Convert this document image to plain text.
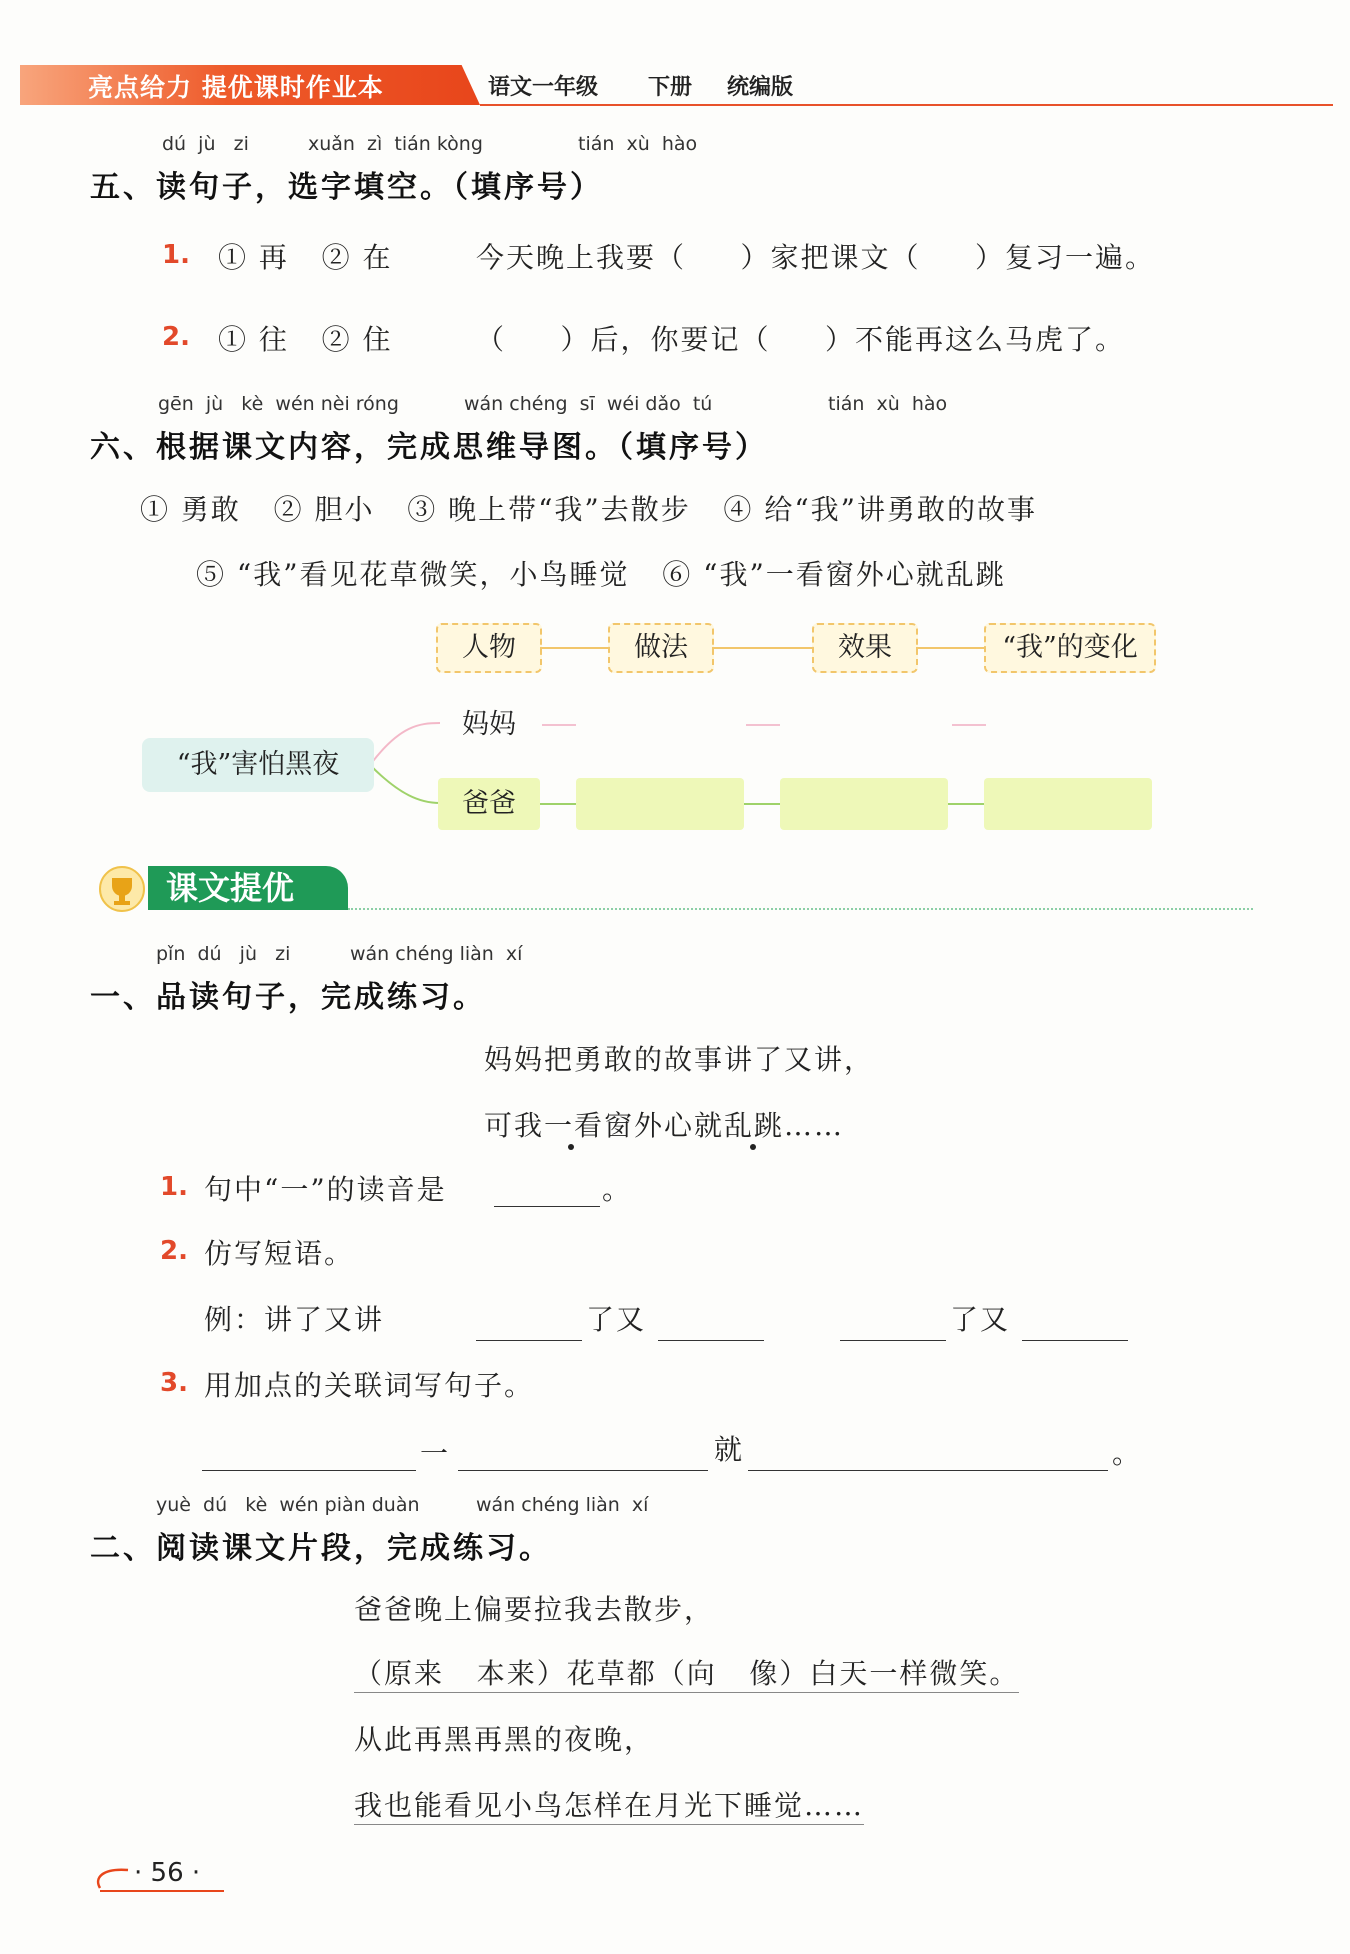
亮点给力 提优课时作业本	语文一年级 下册 统编版
dú  jù   zi	xuǎn  zì  tián kòng	tián  xù  hào
五、读句子，选字填空。（填序号）
1. ① 再   ② 在	今天晚上我要（     ）家把课文（     ）复习一遍。
2. ① 往   ② 住	（     ）后，你要记（     ）不能再这么马虎了。
gēn  jù   kè  wén nèi róng	wán chéng  sī  wéi dǎo  tú	tián  xù  hào
六、根据课文内容，完成思维导图。（填序号）
① 勇敢   ② 胆小   ③ 晚上带“我”去散步   ④ 给“我”讲勇敢的故事
⑤ “我”看见花草微笑，小鸟睡觉   ⑥ “我”一看窗外心就乱跳
人物	做法	效果	“我”的变化
“我”害怕黑夜
妈妈
爸爸
课文提优
pǐn  dú   jù   zi	wán chéng liàn  xí
一、品读句子，完成练习。
妈妈把勇敢的故事讲了又讲，
可我一看窗外心就乱跳……
1. 句中“一”的读音是	。
2. 仿写短语。
例：讲了又讲	了又	了又
3. 用加点的关联词写句子。
一	就	。
yuè  dú   kè  wén piàn duàn	wán chéng liàn  xí
二、阅读课文片段，完成练习。
爸爸晚上偏要拉我去散步，
（原来   本来）花草都（向   像）白天一样微笑。
从此再黑再黑的夜晚，
我也能看见小鸟怎样在月光下睡觉……
· 56 ·
